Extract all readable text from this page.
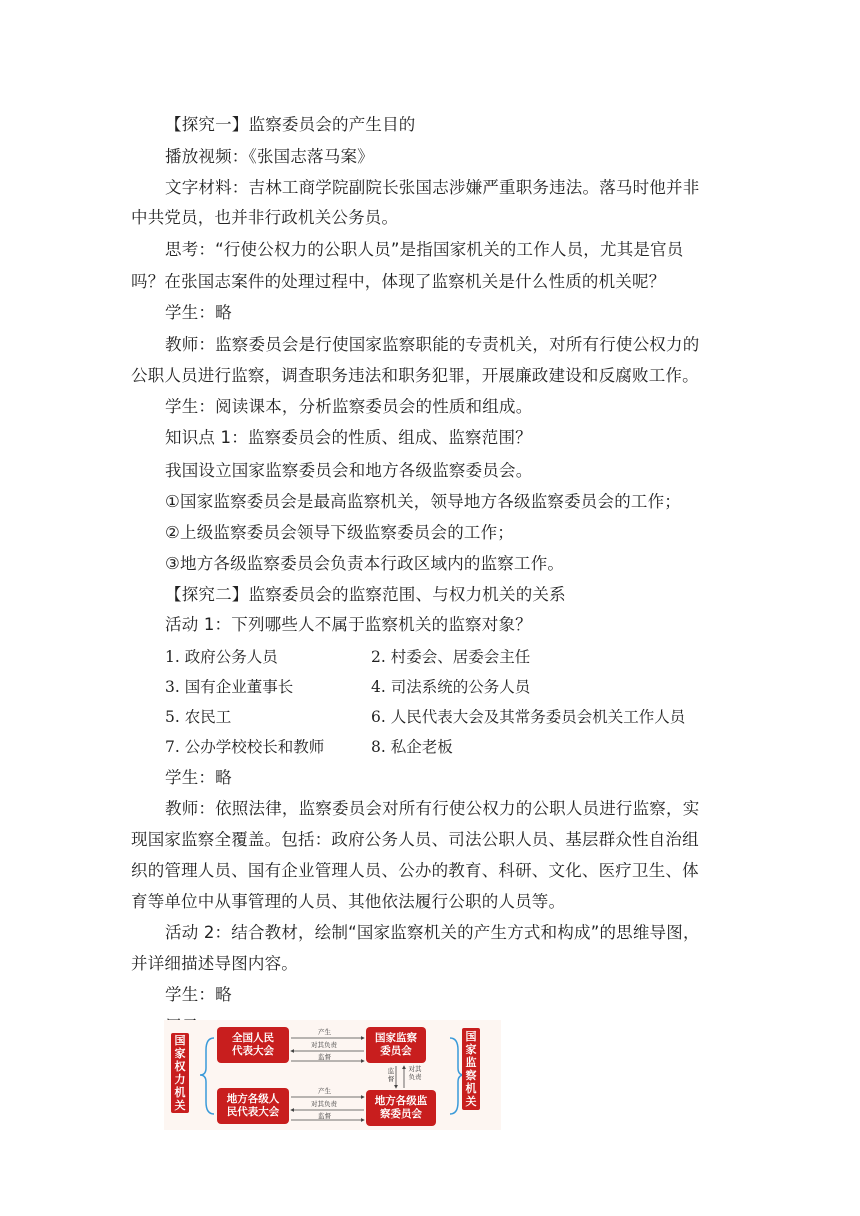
【探究一】监察委员会的产生目的
播放视频：《张国志落马案》
文字材料：吉林工商学院副院长张国志涉嫌严重职务违法。落马时他并非
中共党员，也并非行政机关公务员。
思考：“行使公权力的公职人员”是指国家机关的工作人员，尤其是官员
吗？在张国志案件的处理过程中，体现了监察机关是什么性质的机关呢？
学生：略
教师：监察委员会是行使国家监察职能的专责机关，对所有行使公权力的
公职人员进行监察，调查职务违法和职务犯罪，开展廉政建设和反腐败工作。
学生：阅读课本，分析监察委员会的性质和组成。
知识点 1：监察委员会的性质、组成、监察范围？
我国设立国家监察委员会和地方各级监察委员会。
①国家监察委员会是最高监察机关，领导地方各级监察委员会的工作；
②上级监察委员会领导下级监察委员会的工作；
③地方各级监察委员会负责本行政区域内的监察工作。
【探究二】监察委员会的监察范围、与权力机关的关系
活动 1：下列哪些人不属于监察机关的监察对象？
1. 政府公务人员	2. 村委会、居委会主任
3. 国有企业董事长	4. 司法系统的公务人员
5. 农民工	6. 人民代表大会及其常务委员会机关工作人员
7. 公办学校校长和教师	8. 私企老板
学生：略
教师：依照法律，监察委员会对所有行使公权力的公职人员进行监察，实
现国家监察全覆盖。包括：政府公务人员、司法公职人员、基层群众性自治组
织的管理人员、国有企业管理人员、公办的教育、科研、文化、医疗卫生、体
育等单位中从事管理的人员、其他依法履行公职的人员等。
活动 2：结合教材，绘制“国家监察机关的产生方式和构成”的思维导图，
并详细描述导图内容。
学生：略
国家权力机关
国家监察机关
全国人民代表大会
国家监察委员会
地方各级人民代表大会
地方各级监察委员会
产生
对其负责
监督
产生
对其负责
监督
监督
对其负责
